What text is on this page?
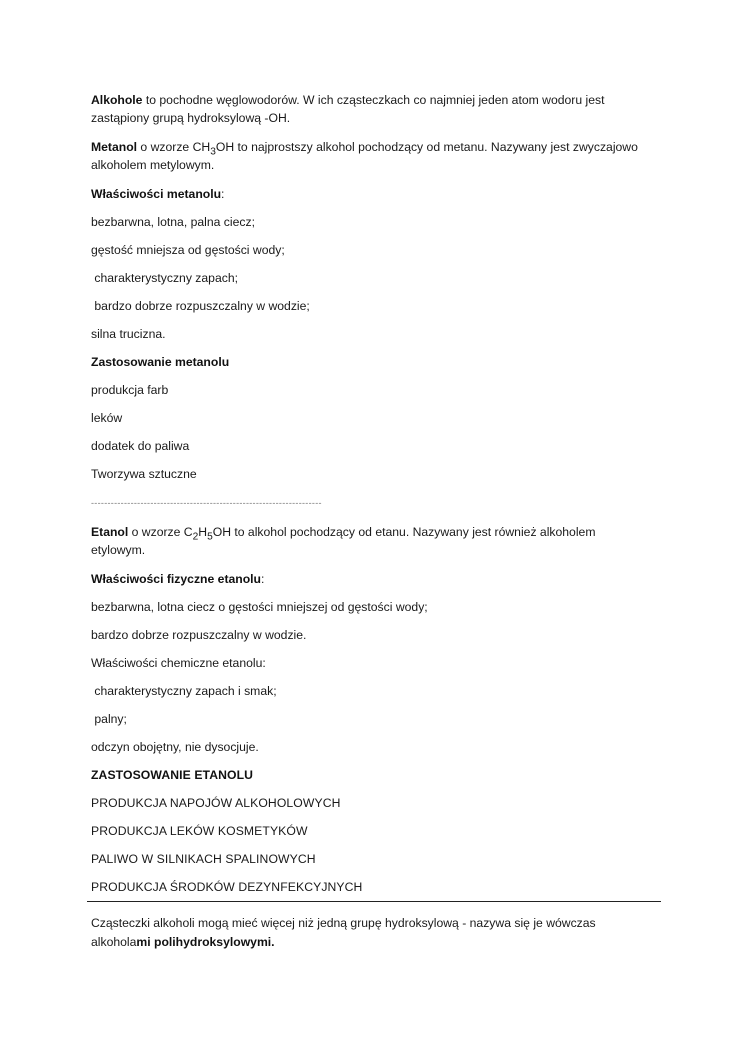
Alkohole to pochodne węglowodorów. W ich cząsteczkach co najmniej jeden atom wodoru jest

zastąpiony grupą hydroksylową -OH.

Metanol o wzorze $CH_3OH$ to najprostszy alkohol pochodzący od metanu. Nazywany jest zwyczajowo

alkoholem metylowym.

Właściwości metanolu:

bezbarwna, lotna, palna ciecz;

gęstość mniejsza od gęstości wody;

charakterystyczny zapach;

bardzo dobrze rozpuszczalny w wodzie;

silna trucizna.

Zastosowanie metanolu

produkcja farb

leków

dodatek do paliwa

Tworzywa sztuczne

----------------------------------------------------------------------

Etanol o wzorze $C_2H_5OH$ to alkohol pochodzący od etanu. Nazywany jest również alkoholem

etylowym.

Właściwości fizyczne etanolu:

bezbarwna, lotna ciecz o gęstości mniejszej od gęstości wody;

bardzo dobrze rozpuszczalny w wodzie.

Właściwości chemiczne etanolu:

charakterystyczny zapach i smak;

palny;

odczyn obojętny, nie dysocjuje.

ZASTOSOWANIE ETANOLU

PRODUKCJA NAPOJÓW ALKOHOLOWYCH

PRODUKCJA LEKÓW KOSMETYKÓW

PALIWO W SILNIKACH SPALINOWYCH

PRODUKCJA ŚRODKÓW DEZYNFEKCYJNYCH

Cząsteczki alkoholi mogą mieć więcej niż jedną grupę hydroksylową - nazywa się je wówczas

alkoholami polihydroksylowymi.
